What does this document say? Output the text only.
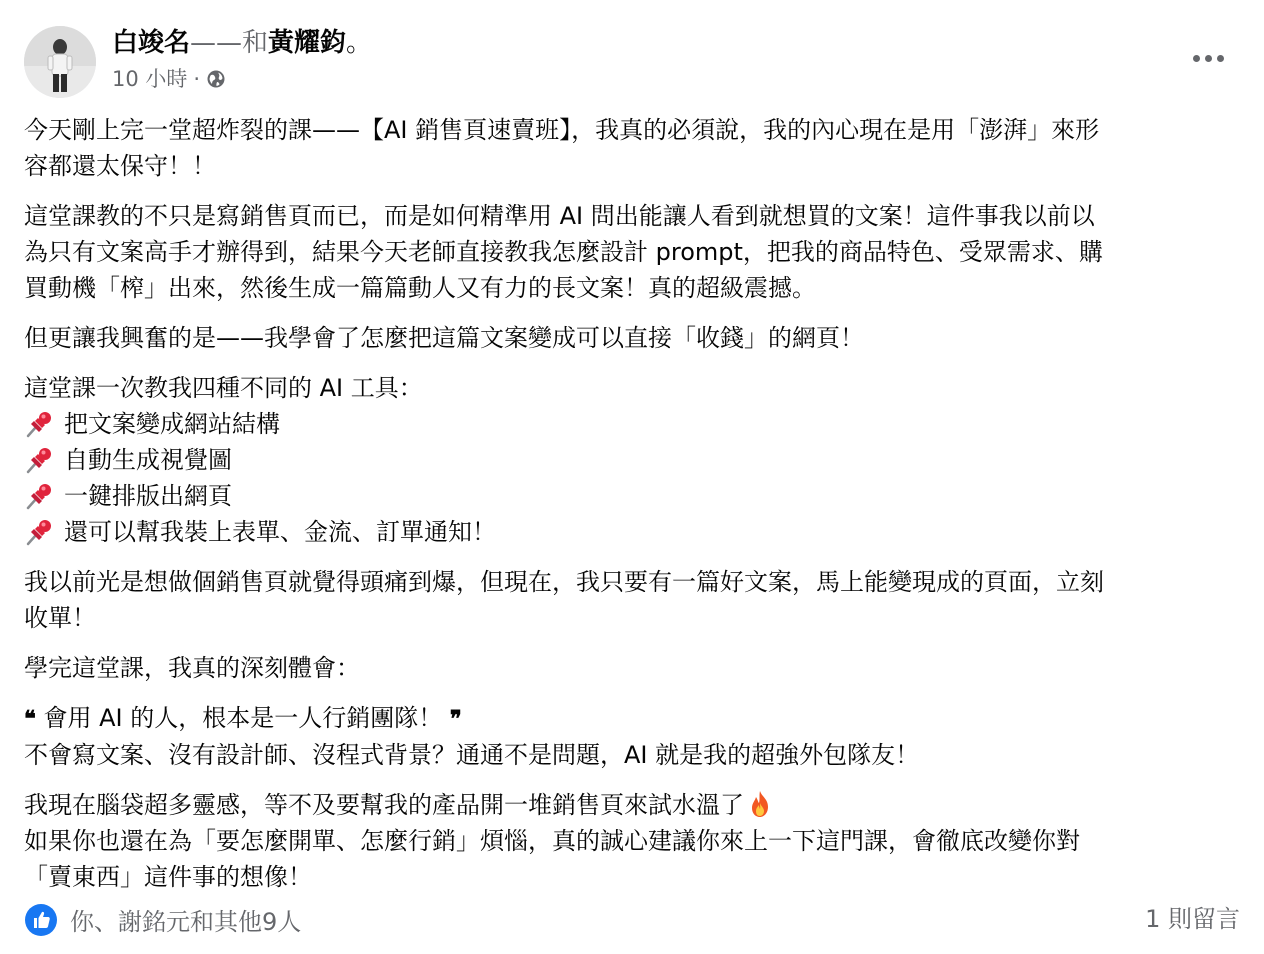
白竣名——和黃耀鈞。
10 小時 ·
今天剛上完一堂超炸裂的課——【AI 銷售頁速賣班】，我真的必須說，我的內心現在是用「澎湃」來形
容都還太保守！！
這堂課教的不只是寫銷售頁而已，而是如何精準用 AI 問出能讓人看到就想買的文案！這件事我以前以
為只有文案高手才辦得到，結果今天老師直接教我怎麼設計 prompt，把我的商品特色、受眾需求、購
買動機「榨」出來，然後生成一篇篇動人又有力的長文案！真的超級震撼。
但更讓我興奮的是——我學會了怎麼把這篇文案變成可以直接「收錢」的網頁！
這堂課一次教我四種不同的 AI 工具：
把文案變成網站結構
自動生成視覺圖
一鍵排版出網頁
還可以幫我裝上表單、金流、訂單通知！
我以前光是想做個銷售頁就覺得頭痛到爆，但現在，我只要有一篇好文案，馬上能變現成的頁面，立刻
收單！
學完這堂課，我真的深刻體會：
❝ 會用 AI 的人，根本是一人行銷團隊！ ❞
不會寫文案、沒有設計師、沒程式背景？通通不是問題，AI 就是我的超強外包隊友！
我現在腦袋超多靈感，等不及要幫我的產品開一堆銷售頁來試水溫了
如果你也還在為「要怎麼開單、怎麼行銷」煩惱，真的誠心建議你來上一下這門課，會徹底改變你對
「賣東西」這件事的想像！
你、謝銘元和其他9人	1 則留言
